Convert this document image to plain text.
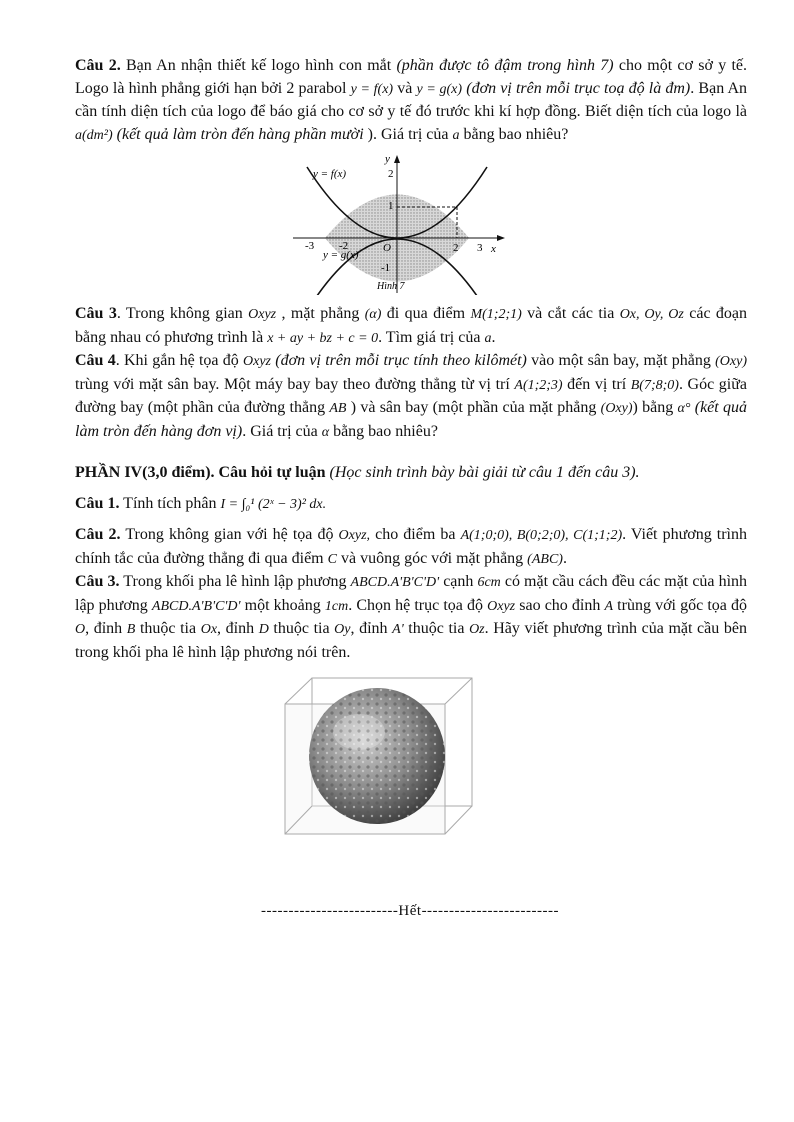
Câu 2. Bạn An nhận thiết kế logo hình con mắt (phần được tô đậm trong hình 7) cho một cơ sở y tế. Logo là hình phẳng giới hạn bởi 2 parabol y = f(x) và y = g(x) (đơn vị trên mỗi trục toạ độ là đm). Bạn An cần tính diện tích của logo để báo giá cho cơ sở y tế đó trước khi kí hợp đồng. Biết diện tích của logo là a(dm²) (kết quả làm tròn đến hàng phần mười ). Giá trị của a bằng bao nhiêu?

y = f(x)
y = g(x)
y
x
O
-3 -2	2 3
2
1
-1
Hình 7

Câu 3. Trong không gian Oxyz , mặt phẳng (α) đi qua điểm M(1;2;1) và cắt các tia Ox, Oy, Oz các đoạn bằng nhau có phương trình là x + ay + bz + c = 0. Tìm giá trị của a.

Câu 4. Khi gắn hệ tọa độ Oxyz (đơn vị trên mỗi trục tính theo kilômét) vào một sân bay, mặt phẳng (Oxy) trùng với mặt sân bay. Một máy bay bay theo đường thẳng từ vị trí A(1;2;3) đến vị trí B(7;8;0). Góc giữa đường bay (một phần của đường thẳng AB ) và sân bay (một phần của mặt phẳng (Oxy)) bằng α° (kết quả làm tròn đến hàng đơn vị). Giá trị của α bằng bao nhiêu?

PHẦN IV(3,0 điểm). Câu hỏi tự luận (Học sinh trình bày bài giải từ câu 1 đến câu 3).

Câu 1. Tính tích phân I = ∫₀¹ (2ˣ − 3)² dx.

Câu 2. Trong không gian với hệ tọa độ Oxyz, cho điểm ba A(1;0;0), B(0;2;0), C(1;1;2). Viết phương trình chính tắc của đường thẳng đi qua điểm C và vuông góc với mặt phẳng (ABC).

Câu 3. Trong khối pha lê hình lập phương ABCD.A'B'C'D' cạnh 6cm có mặt cầu cách đều các mặt của hình lập phương ABCD.A'B'C'D' một khoảng 1cm. Chọn hệ trục tọa độ Oxyz sao cho đỉnh A trùng với gốc tọa độ O, đỉnh B thuộc tia Ox, đỉnh D thuộc tia Oy, đỉnh A' thuộc tia Oz. Hãy viết phương trình của mặt cầu bên trong khối pha lê hình lập phương nói trên.

-------------------------Hết-------------------------
